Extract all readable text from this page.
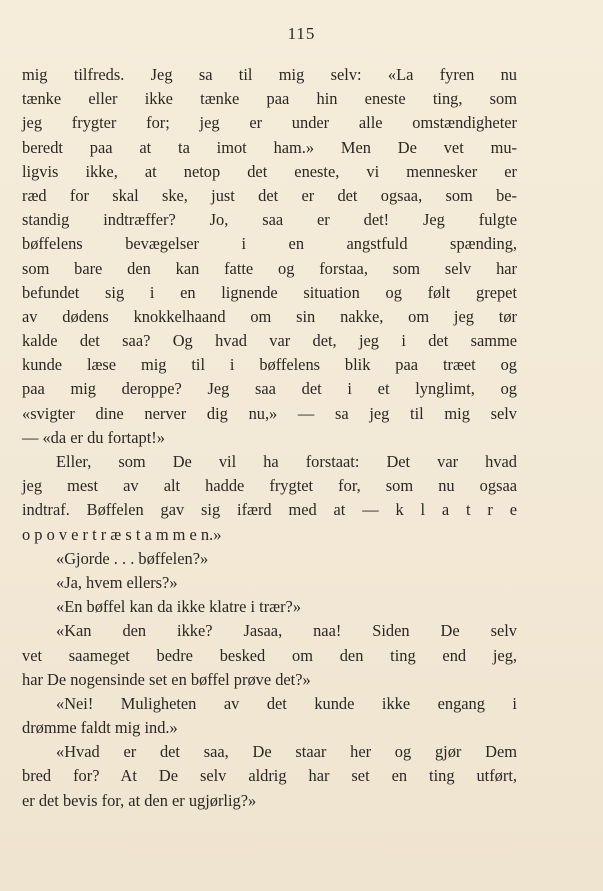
115
mig tilfreds. Jeg sa til mig selv: «La fyren nu
tænke eller ikke tænke paa hin eneste ting, som
jeg frygter for; jeg er under alle omstændigheter
beredt paa at ta imot ham.» Men De vet mu-
ligvis ikke, at netop det eneste, vi mennesker er
ræd for skal ske, just det er det ogsaa, som be-
standig indtræffer? Jo, saa er det! Jeg fulgte
bøffelens bevægelser i en angstfuld spænding,
som bare den kan fatte og forstaa, som selv har
befundet sig i en lignende situation og følt grepet
av dødens knokkelhaand om sin nakke, om jeg tør
kalde det saa? Og hvad var det, jeg i det samme
kunde læse mig til i bøffelens blik paa træet og
paa mig deroppe? Jeg saa det i et lynglimt, og
«svigter dine nerver dig nu,» — sa jeg til mig selv
— «da er du fortapt!»
Eller, som De vil ha forstaat: Det var hvad
jeg mest av alt hadde frygtet for, som nu ogsaa
indtraf. Bøffelen gav sig ifærd med at — k l a t r e
o p o v e r t r æ s t a m m e n.»
«Gjorde . . . bøffelen?»
«Ja, hvem ellers?»
«En bøffel kan da ikke klatre i trær?»
«Kan den ikke? Jasaa, naa! Siden De selv
vet saameget bedre besked om den ting end jeg,
har De nogensinde set en bøffel prøve det?»
«Nei! Muligheten av det kunde ikke engang i
drømme faldt mig ind.»
«Hvad er det saa, De staar her og gjør Dem
bred for? At De selv aldrig har set en ting utført,
er det bevis for, at den er ugjørlig?»
